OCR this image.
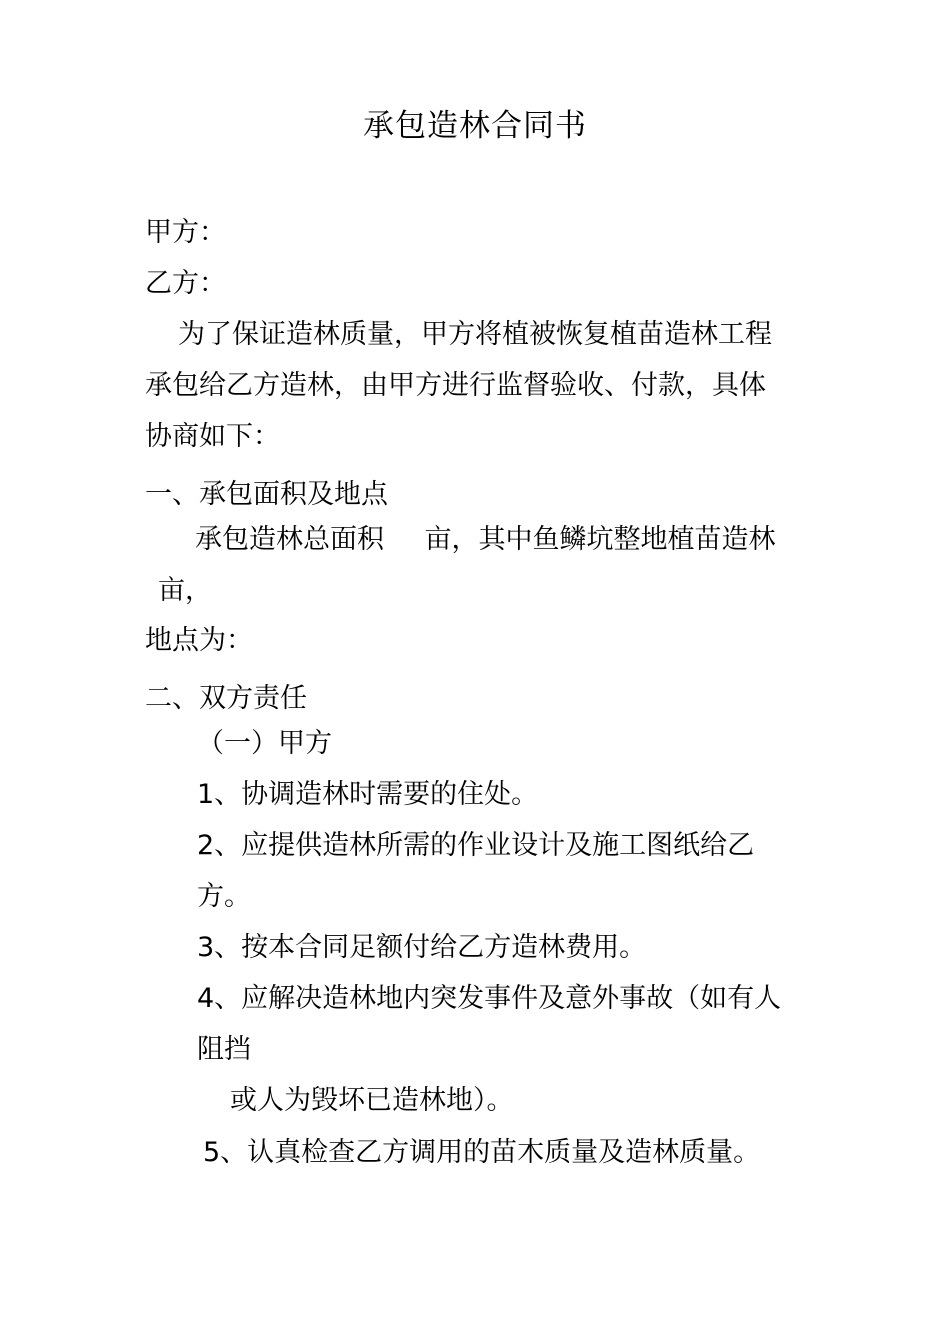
承包造林合同书
甲方：
乙方：
为了保证造林质量，甲方将植被恢复植苗造林工程
承包给乙方造林，由甲方进行监督验收、付款，具体
协商如下：
一、承包面积及地点
承包造林总面积　 亩，其中鱼鳞坑整地植苗造林
亩，
地点为：
二、双方责任
（一）甲方
1、协调造林时需要的住处。
2、应提供造林所需的作业设计及施工图纸给乙
方。
3、按本合同足额付给乙方造林费用。
4、应解决造林地内突发事件及意外事故（如有人
阻挡
或人为毁坏已造林地）。
5、认真检查乙方调用的苗木质量及造林质量。
